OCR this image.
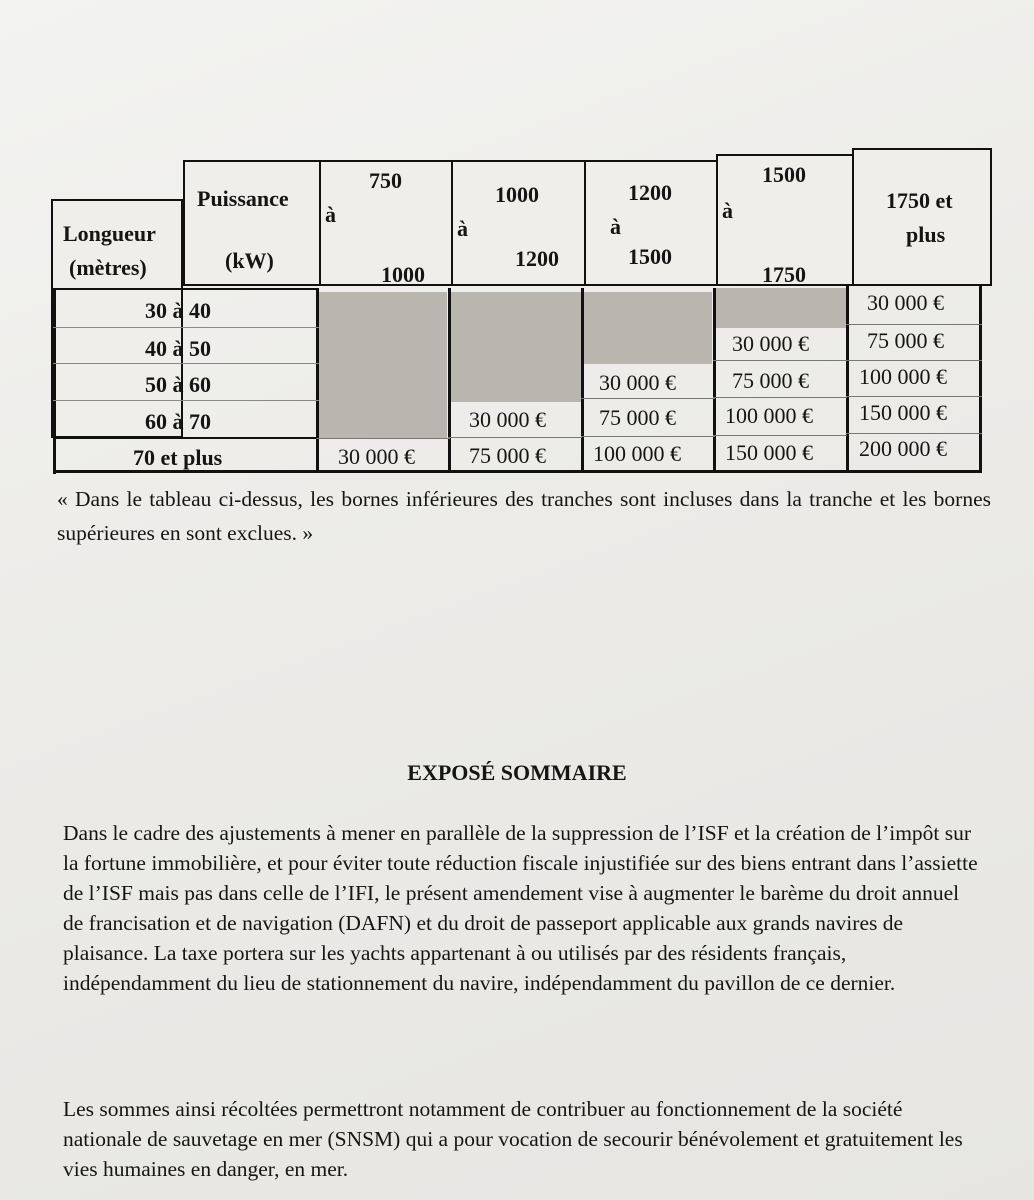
Longueur
(mètres)
Puissance
(kW)
750
à
1000
1000
à
1200
1200
à
1500
1500
à
1750
1750 et
plus
30 à 40
40 à 50
50 à 60
60 à 70
70 et plus
30 000 €
30 000 €	75 000 €
30 000 €	75 000 € 100 000 €
30 000 € 75 000 € 100 000 € 150 000 €
30 000 € 75 000 € 100 000 € 150 000 € 200 000 €
« Dans le tableau ci-dessus, les bornes inférieures des tranches sont incluses dans la tranche et les bornes supérieures en sont exclues. »
EXPOSÉ SOMMAIRE
Dans le cadre des ajustements à mener en parallèle de la suppression de l’ISF et la création de l’impôt sur la fortune immobilière, et pour éviter toute réduction fiscale injustifiée sur des biens entrant dans l’assiette de l’ISF mais pas dans celle de l’IFI, le présent amendement vise à augmenter le barème du droit annuel de francisation et de navigation (DAFN) et du droit de passeport applicable aux grands navires de plaisance. La taxe portera sur les yachts appartenant à ou utilisés par des résidents français, indépendamment du lieu de stationnement du navire, indépendamment du pavillon de ce dernier.
Les sommes ainsi récoltées permettront notamment de contribuer au fonctionnement de la société nationale de sauvetage en mer (SNSM) qui a pour vocation de secourir bénévolement et gratuitement les vies humaines en danger, en mer.
